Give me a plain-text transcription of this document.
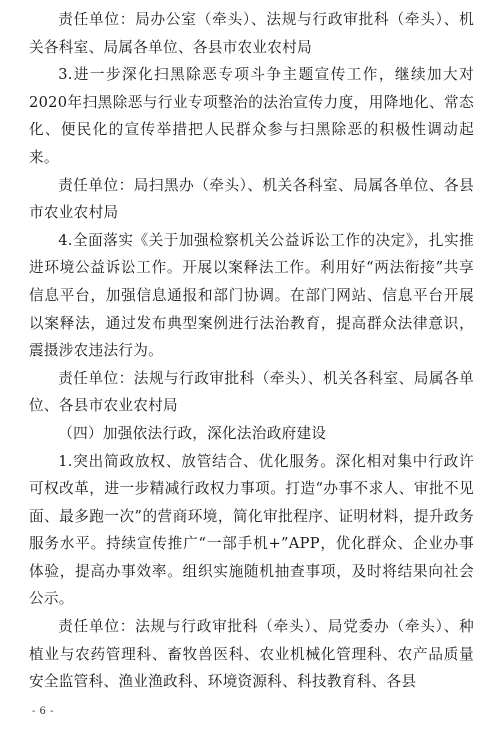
责任单位：局办公室（牵头）、法规与行政审批科（牵头）、机关各科室、局属各单位、各县市农业农村局

3.进一步深化扫黑除恶专项斗争主题宣传工作，继续加大对2020年扫黑除恶与行业专项整治的法治宣传力度，用降地化、常态化、便民化的宣传举措把人民群众参与扫黑除恶的积极性调动起来。

责任单位：局扫黑办（牵头）、机关各科室、局属各单位、各县市农业农村局

4.全面落实《关于加强检察机关公益诉讼工作的决定》，扎实推进环境公益诉讼工作。开展以案释法工作。利用好“两法衔接”共享信息平台，加强信息通报和部门协调。在部门网站、信息平台开展以案释法，通过发布典型案例进行法治教育，提高群众法律意识，震摄涉农违法行为。

责任单位：法规与行政审批科（牵头）、机关各科室、局属各单位、各县市农业农村局

（四）加强依法行政，深化法治政府建设

1.突出简政放权、放管结合、优化服务。深化相对集中行政许可权改革，进一步精减行政权力事项。打造“办事不求人、审批不见面、最多跑一次”的营商环境，简化审批程序、证明材料，提升政务服务水平。持续宣传推广“一部手机+”APP，优化群众、企业办事体验，提高办事效率。组织实施随机抽查事项，及时将结果向社会公示。

责任单位：法规与行政审批科（牵头）、局党委办（牵头）、种植业与农药管理科、畜牧兽医科、农业机械化管理科、农产品质量安全监管科、渔业渔政科、环境资源科、科技教育科、各县

- 6 -
